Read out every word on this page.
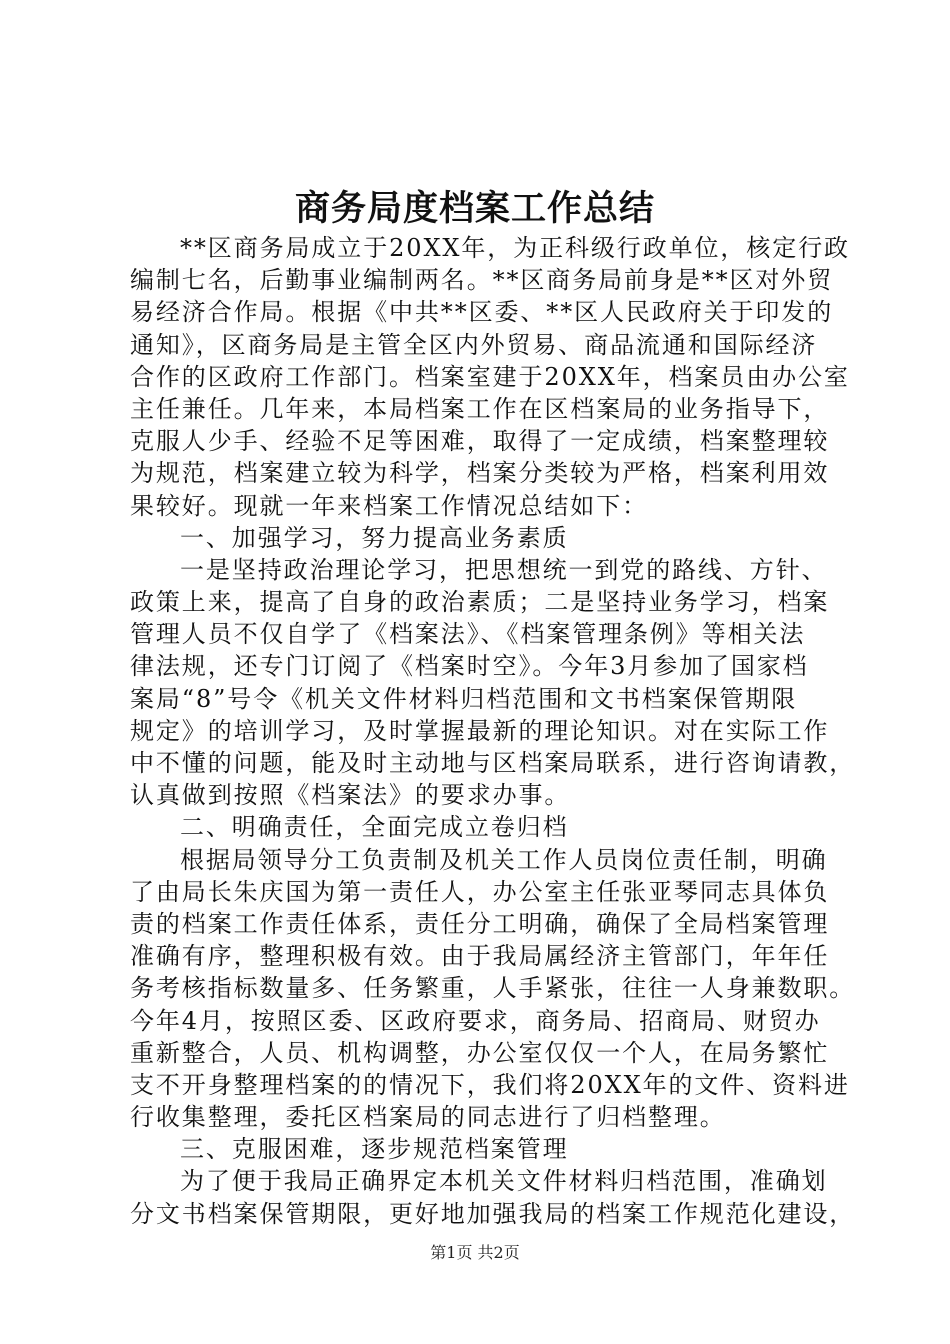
商务局度档案工作总结
**区商务局成立于20XX年，为正科级行政单位，核定行政
编制七名，后勤事业编制两名。**区商务局前身是**区对外贸
易经济合作局。根据《中共**区委、**区人民政府关于印发的
通知》，区商务局是主管全区内外贸易、商品流通和国际经济
合作的区政府工作部门。档案室建于20XX年，档案员由办公室
主任兼任。几年来，本局档案工作在区档案局的业务指导下，
克服人少手、经验不足等困难，取得了一定成绩，档案整理较
为规范，档案建立较为科学，档案分类较为严格，档案利用效
果较好。现就一年来档案工作情况总结如下：
一、加强学习，努力提高业务素质
一是坚持政治理论学习，把思想统一到党的路线、方针、
政策上来，提高了自身的政治素质；二是坚持业务学习，档案
管理人员不仅自学了《档案法》、《档案管理条例》等相关法
律法规，还专门订阅了《档案时空》。今年3月参加了国家档
案局“8”号令《机关文件材料归档范围和文书档案保管期限
规定》的培训学习，及时掌握最新的理论知识。对在实际工作
中不懂的问题，能及时主动地与区档案局联系，进行咨询请教，
认真做到按照《档案法》的要求办事。
二、明确责任，全面完成立卷归档
根据局领导分工负责制及机关工作人员岗位责任制，明确
了由局长朱庆国为第一责任人，办公室主任张亚琴同志具体负
责的档案工作责任体系，责任分工明确，确保了全局档案管理
准确有序，整理积极有效。由于我局属经济主管部门，年年任
务考核指标数量多、任务繁重，人手紧张，往往一人身兼数职。
今年4月，按照区委、区政府要求，商务局、招商局、财贸办
重新整合，人员、机构调整，办公室仅仅一个人，在局务繁忙
支不开身整理档案的的情况下，我们将20XX年的文件、资料进
行收集整理，委托区档案局的同志进行了归档整理。
三、克服困难，逐步规范档案管理
为了便于我局正确界定本机关文件材料归档范围，准确划
分文书档案保管期限，更好地加强我局的档案工作规范化建设，
第1页 共2页
